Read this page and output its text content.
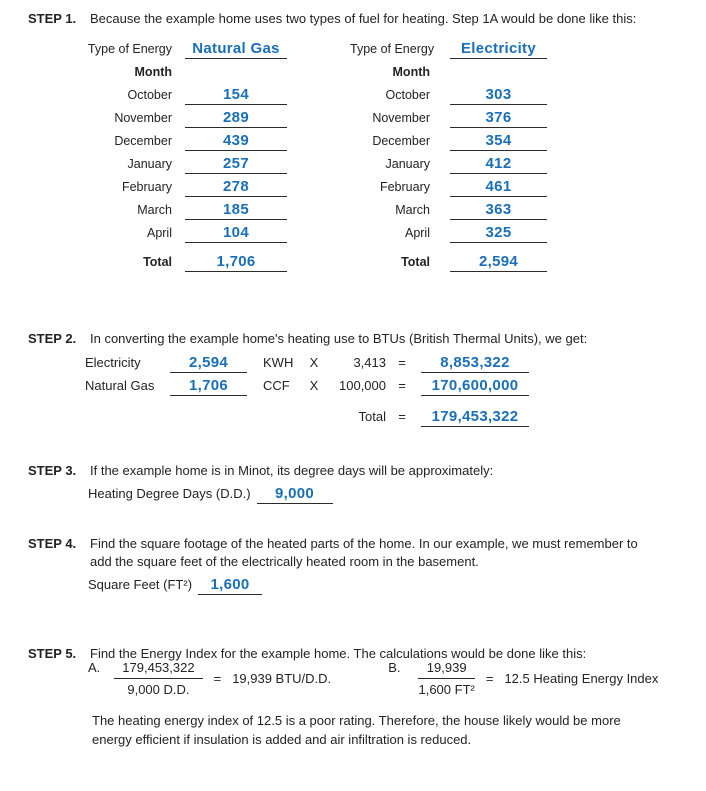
STEP 1.	Because the example home uses two types of fuel for heating. Step 1A would be done like this:
Type of Energy	Natural Gas
Month
October	154
November	289
December	439
January	257
February	278
March	185
April	104
Total	1,706
Type of Energy	Electricity
Month
October	303
November	376
December	354
January	412
February	461
March	363
April	325
Total	2,594
STEP 2.	In converting the example home's heating use to BTUs (British Thermal Units), we get:
Electricity	2,594	KWH	X	3,413 =	8,853,322
Natural Gas	1,706	CCF	X	100,000 =	170,600,000
Total =	179,453,322
STEP 3.	If the example home is in Minot, its degree days will be approximately:
Heating Degree Days (D.D.)	9,000
STEP 4.	Find the square footage of the heated parts of the home. In our example, we must remember to add the square feet of the electrically heated room in the basement.
Square Feet (FT²)	1,600
STEP 5.	Find the Energy Index for the example home. The calculations would be done like this:
A. $\frac{179,453,322}{9,000 D.D.} = 19,939$ BTU/D.D.
B. $\frac{19,939}{\text{1,600 FT²}} = 12.5$ Heating Energy Index
The heating energy index of 12.5 is a poor rating. Therefore, the house likely would be more energy efficient if insulation is added and air infiltration is reduced.
